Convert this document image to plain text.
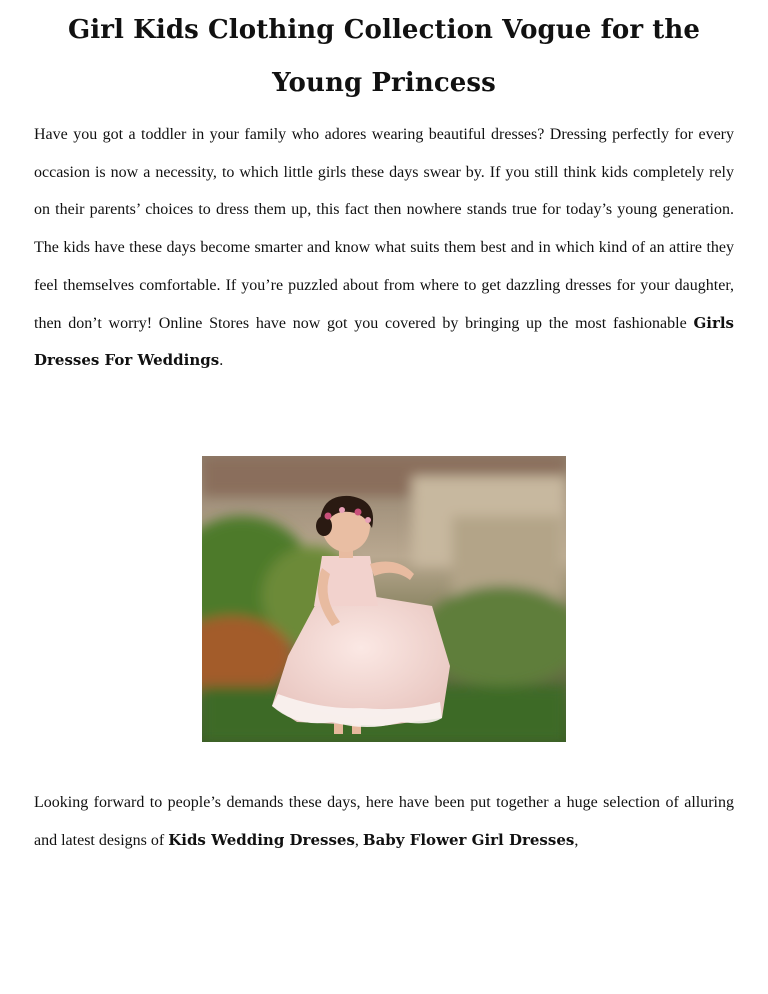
Girl Kids Clothing Collection Vogue for the Young Princess

Have you got a toddler in your family who adores wearing beautiful dresses? Dressing perfectly for every occasion is now a necessity, to which little girls these days swear by. If you still think kids completely rely on their parents’ choices to dress them up, this fact then nowhere stands true for today’s young generation. The kids have these days become smarter and know what suits them best and in which kind of an attire they feel themselves comfortable. If you’re puzzled about from where to get dazzling dresses for your daughter, then don’t worry! Online Stores have now got you covered by bringing up the most fashionable Girls Dresses For Weddings.

Looking forward to people’s demands these days, here have been put together a huge selection of alluring and latest designs of Kids Wedding Dresses, Baby Flower Girl Dresses,
